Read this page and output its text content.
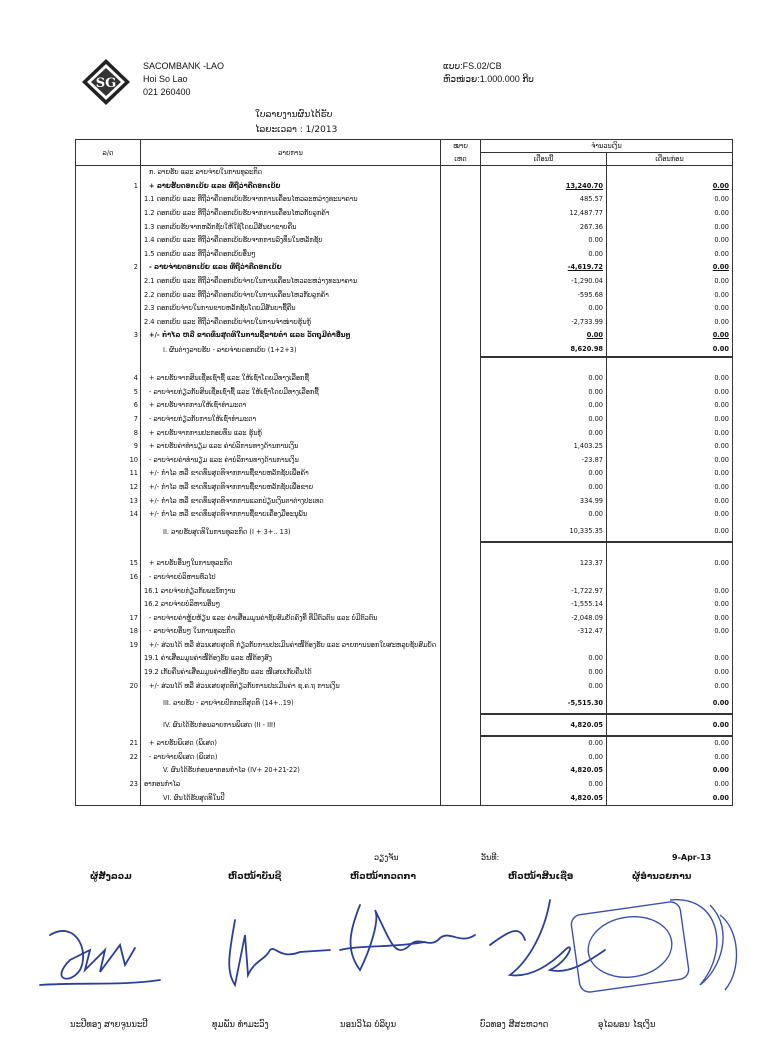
SG
SACOMBANK -LAO
Hoi So Lao
021 260400
ແບບ:FS.02/CB
ຫົວໜ່ວຍ:1.000.000 ກີບ
ໃບລາຍງານຜົນໄດ້ຮັບ
ໄລຍະເວລາ : 1/2013
ລ/ດ	ລາຍການ	ໝາຍ	ຈຳນວນເງິນ	
		ເຫດ	ເດືອນນີ້	ເດືອນກ່ອນ
	ກ. ລາຍຮັບ ແລະ ລາຍຈ່າຍໃນການທຸລະກິດ			
1	+ ລາຍຮັບດອກເບ້ຍ ແລະ ທີ່ຖືວ່າຄືດອກເບ້ຍ		13,240.70	0.00
	1.1 ດອກເບ້ຍ ແລະ ທີ່ຖືວ່າຄືດອກເບ້ຍຮັບຈາກການເຄື່ອນໄຫວລະຫວ່າງທະນາຄານ		485.57	0.00
	1.2 ດອກເບ້ຍ ແລະ ທີ່ຖືວ່າຄືດອກເບ້ຍຮັບຈາກການເຄື່ອນໄຫວກັບລູກຄ້າ		12,487.77	0.00
	1.3 ດອກເບ້ຍຮັບຈາກຫລັກຊັບໃຫ້ໃຊ້ໂດຍມີສັນຍາຂາຍຄືນ		267.36	0.00
	1.4 ດອກເບ້ຍ ແລະ ທີ່ຖືວ່າຄືດອກເບ້ຍຮັບຈາກການລົງທຶນໃນຫລັກຊັບ		0.00	0.00
	1.5 ດອກເບ້ຍ ແລະ ທີ່ຖືວ່າຄືດອກເບ້ຍອື່ນໆ		0.00	0.00
2	- ລາຍຈ່າຍດອກເບ້ຍ ແລະ ທີ່ຖືວ່າຄືດອກເບ້ຍ		-4,619.72	0.00
	2.1 ດອກເບ້ຍ ແລະ ທີ່ຖືວ່າຄືດອກເບ້ຍຈ່າຍໃນການເຄື່ອນໄຫວລະຫວ່າງທະນາຄານ		-1,290.04	0.00
	2.2 ດອກເບ້ຍ ແລະ ທີ່ຖືວ່າຄືດອກເບ້ຍຈ່າຍໃນການເຄື່ອນໄຫວກັບລູກຄ້າ		-595.68	0.00
	2.3 ດອກເບ້ຍຈ່າຍໃນການຂາຍຫລັກຊັບໂດຍມີສັນຍາຊື້ຄືນ		0.00	0.00
	2.4 ດອກເບ້ຍ ແລະ ທີ່ຖືວ່າຄືດອກເບ້ຍຈ່າຍໃນການຈຳໜ່າຍຮຸ້ນກູ້		-2,733.99	0.00
3	+/- ກຳໄລ ຫລື ຂາດທຶນສຸດທິໃນການຊື້ຂາຍຄຳ ແລະ ວັດຖຸມີຄ່າອື່ນໆ		0.00	0.00
	I. ຜົນຕ່າງລາຍຮັບ - ລາຍຈ່າຍດອກເບ້ຍ (1+2+3)		8,620.98	0.00

4	+ ລາຍຮັບຈາກສິນເຊື່ອເຊົ່າຊື້ ແລະ ໃຫ້ເຊົ່າໂດຍມີທາງເລືອກຊື້		0.00	0.00
5	- ລາຍຈ່າຍກ່ຽວກັບສິນເຊື່ອເຊົ່າຊື້ ແລະ ໃຫ້ເຊົ່າໂດຍມີທາງເລືອກຊື້		0.00	0.00
6	+ ລາຍຮັບຈາກການໃຫ້ເຊົ່າທຳມະດາ		0.00	0.00
7	- ລາຍຈ່າຍກ່ຽວກັບການໃຫ້ເຊົ່າທຳມະດາ		0.00	0.00
8	+ ລາຍຮັບຈາກການປະກອບທຶນ ແລະ ຮຸ້ນກູ້		0.00	0.00
9	+ ລາຍຮັບຄ່າທຳນຽມ ແລະ ຄ່າບໍລິການທາງດ້ານການເງິນ		1,403.25	0.00
10	- ລາຍຈ່າຍຄ່າທຳນຽມ ແລະ ຄ່າບໍລິການທາງດ້ານການເງິນ		-23.87	0.00
11	+/- ກຳໄລ ຫລື ຂາດທຶນສຸດທິຈາກການຊື້ຂາຍຫລັກຊັບເພື່ອຄ້າ		0.00	0.00
12	+/- ກຳໄລ ຫລື ຂາດທຶນສຸດທິຈາກການຊື້ຂາຍຫລັກຊັບເພື່ອຂາຍ		0.00	0.00
13	+/- ກຳໄລ ຫລື ຂາດທຶນສຸດທິຈາກການແລກປ່ຽນເງິນຕາຕ່າງປະເທດ		334.99	0.00
14	+/- ກຳໄລ ຫລື ຂາດທຶນສຸດທິຈາກການຊື້ຂາຍເຄື່ອງມືອະນຸພັນ		0.00	0.00
	II. ລາຍຮັບສຸດທິໃນການທຸລະກິດ (I + 3+.. 13)		10,335.35	0.00

15	+ ລາຍຮັບອື່ນໆໃນການທຸລະກິດ		123.37	0.00
16	- ລາຍຈ່າຍບໍລິຫານທົ່ວໄປ			
	16.1 ລາຍຈ່າຍກ່ຽວກັບພະນັກງານ		-1,722.97	0.00
	16.2 ລາຍຈ່າຍບໍລິຫານອື່ນໆ		-1,555.14	0.00
17	- ລາຍຈ່າຍຄ່າຫຼຸ້ຍຫ້ຽນ ແລະ ຄ່າເສື່ອມມູນຄ່າຊັບສົມບັດຄົງທີ່ ທີ່ມີຕົວຕົນ ແລະ ບໍ່ມີຕົວຕົນ		-2,048.09	0.00
18	- ລາຍຈ່າຍອື່ນໆ ໃນການທຸລະກິດ		-312.47	0.00
19	+/- ສ່ວນໄດ້ ຫລື ສ່ວນເສຍສຸດທິ ກ່ຽວກັບການປະເມີນຄ່າໜີ້ຕ້ອງຮັບ ແລະ ລາຍການນອກໃບສະຫລຸບຊັບສົມບັດ			
	19.1 ຄ່າເສື່ອມມູນຄ່າໜີ້ຕ້ອງຮັບ ແລະ ໜີ້ຕ້ອງສົງ		0.00	0.00
	19.2 ເກັບຄືນຄ່າເສື່ອມມູນຄ່າໜີ້ຕ້ອງຮັບ ແລະ ໜີ້ເສຍເກັບຄືນໄດ້		0.00	0.00
20	+/- ສ່ວນໄດ້ ຫລື ສ່ວນເສຍສຸດທິກ່ຽວກັບການປະເມີນຄ່າ ຊ.ຄ.ຖ ການເງິນ		0.00	0.00
	III. ລາຍຮັບ - ລາຍຈ່າຍປົກກະຕິສຸດທິ (14+..19)		-5,515.30	0.00
	IV. ຜົນໄດ້ຮັບກ່ອນລາຍການພິເສດ (II - III)		4,820.05	0.00
21	+ ລາຍຮັບພິເສດ (ພິເສດ)		0.00	0.00
22	- ລາຍຈ່າຍພິເສດ (ພິເສດ)		0.00	0.00
	V. ຜົນໄດ້ຮັບກ່ອນອາກອນກຳໄລ (IV+ 20+21-22)		4,820.05	0.00
23	ອາກອນກຳໄລ		0.00	0.00
	VI. ຜົນໄດ້ຮັບສຸດທິໃນປີ		4,820.05	0.00
ວຽງຈັນ	ວັນທີ:	9-Apr-13
ຜູ້ສັງລວມ	ຫົວໜ້າບັນຊີ	ຫົວໜ້າກວດກາ	ຫົວໜ້າສິນເຊື່ອ	ຜູ້ອຳນວຍການ
ນະປີທອງ ສາຍຈູນນະປີ	ທຸມພັນ ທຳມະວົງ	ນອນວິໄລ ບໍລິບູນ	ບົວທອງ ສີສະຫວາດ	ອຸໄລພອນ ໄຊເງິນ
